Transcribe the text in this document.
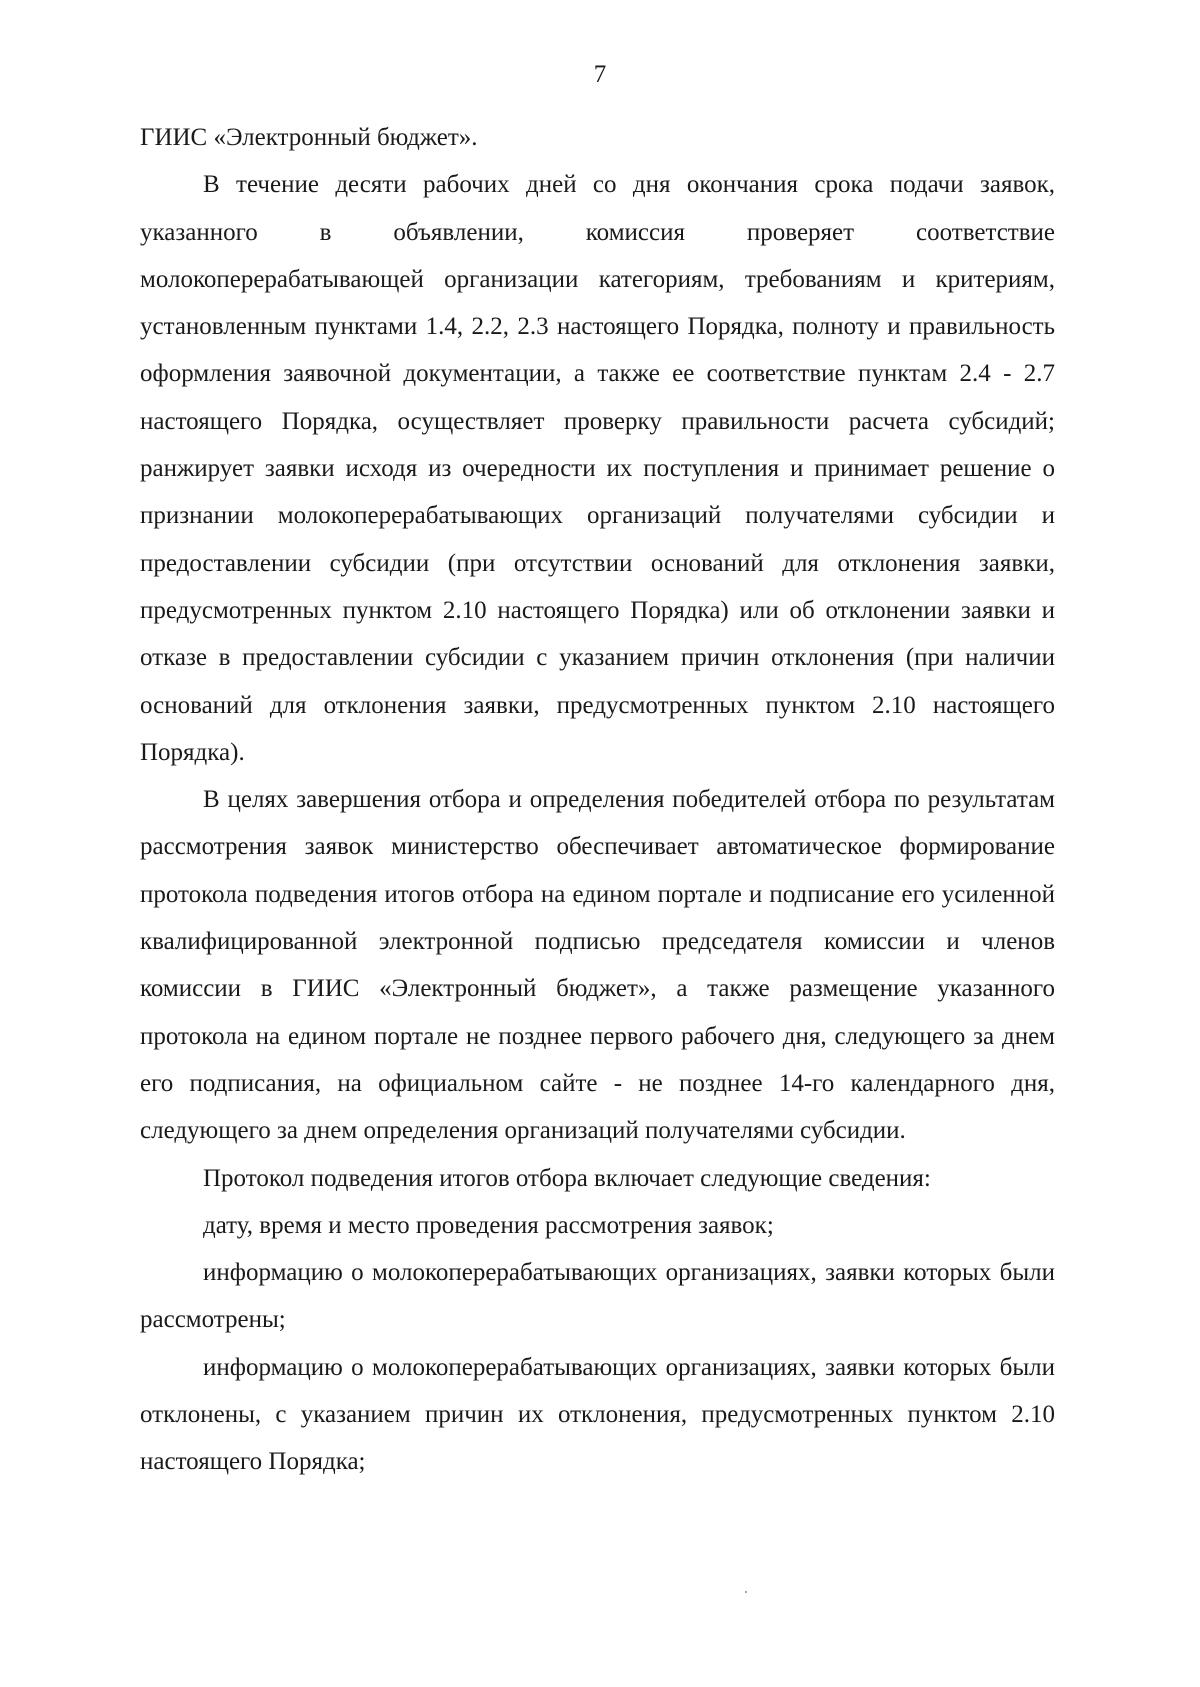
7

ГИИС «Электронный бюджет».

В течение десяти рабочих дней со дня окончания срока подачи заявок, указанного в объявлении, комиссия проверяет соответствие молокоперерабатывающей организации категориям, требованиям и критериям, установленным пунктами 1.4, 2.2, 2.3 настоящего Порядка, полноту и правильность оформления заявочной документации, а также ее соответствие пунктам 2.4 - 2.7 настоящего Порядка, осуществляет проверку правильности расчета субсидий; ранжирует заявки исходя из очередности их поступления и принимает решение о признании молокоперерабатывающих организаций получателями субсидии и предоставлении субсидии (при отсутствии оснований для отклонения заявки, предусмотренных пунктом 2.10 настоящего Порядка) или об отклонении заявки и отказе в предоставлении субсидии с указанием причин отклонения (при наличии оснований для отклонения заявки, предусмотренных пунктом 2.10 настоящего Порядка).

В целях завершения отбора и определения победителей отбора по результатам рассмотрения заявок министерство обеспечивает автоматическое формирование протокола подведения итогов отбора на едином портале и подписание его усиленной квалифицированной электронной подписью председателя комиссии и членов комиссии в ГИИС «Электронный бюджет», а также размещение указанного протокола на едином портале не позднее первого рабочего дня, следующего за днем его подписания, на официальном сайте - не позднее 14-го календарного дня, следующего за днем определения организаций получателями субсидии.

Протокол подведения итогов отбора включает следующие сведения:

дату, время и место проведения рассмотрения заявок;

информацию о молокоперерабатывающих организациях, заявки которых были рассмотрены;

информацию о молокоперерабатывающих организациях, заявки которых были отклонены, с указанием причин их отклонения, предусмотренных пунктом 2.10 настоящего Порядка;
